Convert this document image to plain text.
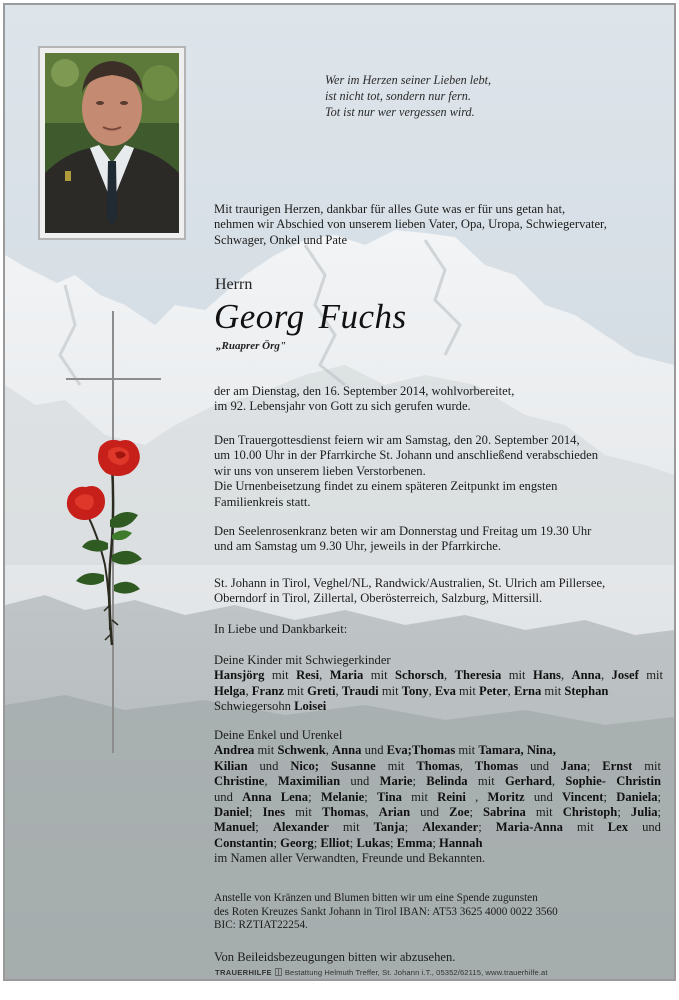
Wer im Herzen seiner Lieben lebt,
ist nicht tot, sondern nur fern.
Tot ist nur wer vergessen wird.
Mit traurigen Herzen, dankbar für alles Gute was er für uns getan hat,
nehmen wir Abschied von unserem lieben Vater, Opa, Uropa, Schwiegervater,
Schwager, Onkel und Pate
Herrn
Georg Fuchs
„Ruaprer Örg"
der am Dienstag, den 16. September 2014, wohlvorbereitet,
im 92. Lebensjahr von Gott zu sich gerufen wurde.
Den Trauergottesdienst feiern wir am Samstag, den 20. September 2014,
um 10.00 Uhr in der Pfarrkirche St. Johann und anschließend verabschieden
wir uns von unserem lieben Verstorbenen.
Die Urnenbeisetzung findet zu einem späteren Zeitpunkt im engsten
Familienkreis statt.
Den Seelenrosenkranz beten wir am Donnerstag und Freitag um 19.30 Uhr
und am Samstag um 9.30 Uhr, jeweils in der Pfarrkirche.
St. Johann in Tirol, Veghel/NL, Randwick/Australien, St. Ulrich am Pillersee,
Oberndorf in Tirol, Zillertal, Oberösterreich, Salzburg, Mittersill.
In Liebe und Dankbarkeit:
Deine Kinder mit Schwiegerkinder
Hansjörg mit Resi, Maria mit Schorsch, Theresia mit Hans, Anna, Josef mit
Helga, Franz mit Greti, Traudi mit Tony, Eva mit Peter, Erna mit Stephan
Schwiegersohn Loisei
Deine Enkel und Urenkel
Andrea mit Schwenk, Anna und Eva;Thomas mit Tamara, Nina,
Kilian und Nico; Susanne mit Thomas, Thomas und Jana; Ernst mit
Christine, Maximilian und Marie; Belinda mit Gerhard, Sophie- Christin
und Anna Lena; Melanie; Tina mit Reini , Moritz und Vincent; Daniela;
Daniel; Ines mit Thomas, Arian und Zoe; Sabrina mit Christoph; Julia;
Manuel; Alexander mit Tanja; Alexander; Maria-Anna mit Lex und
Constantin; Georg; Elliot; Lukas; Emma; Hannah
im Namen aller Verwandten, Freunde und Bekannten.
Anstelle von Kränzen und Blumen bitten wir um eine Spende zugunsten
des Roten Kreuzes Sankt Johann in Tirol IBAN: AT53 3625 4000 0022 3560
BIC: RZTIAT22254.
Von Beileidsbezeugungen bitten wir abzusehen.
TRAUERHILFE Bestattung Helmuth Treffer, St. Johann i.T., 05352/62115, www.trauerhilfe.at
